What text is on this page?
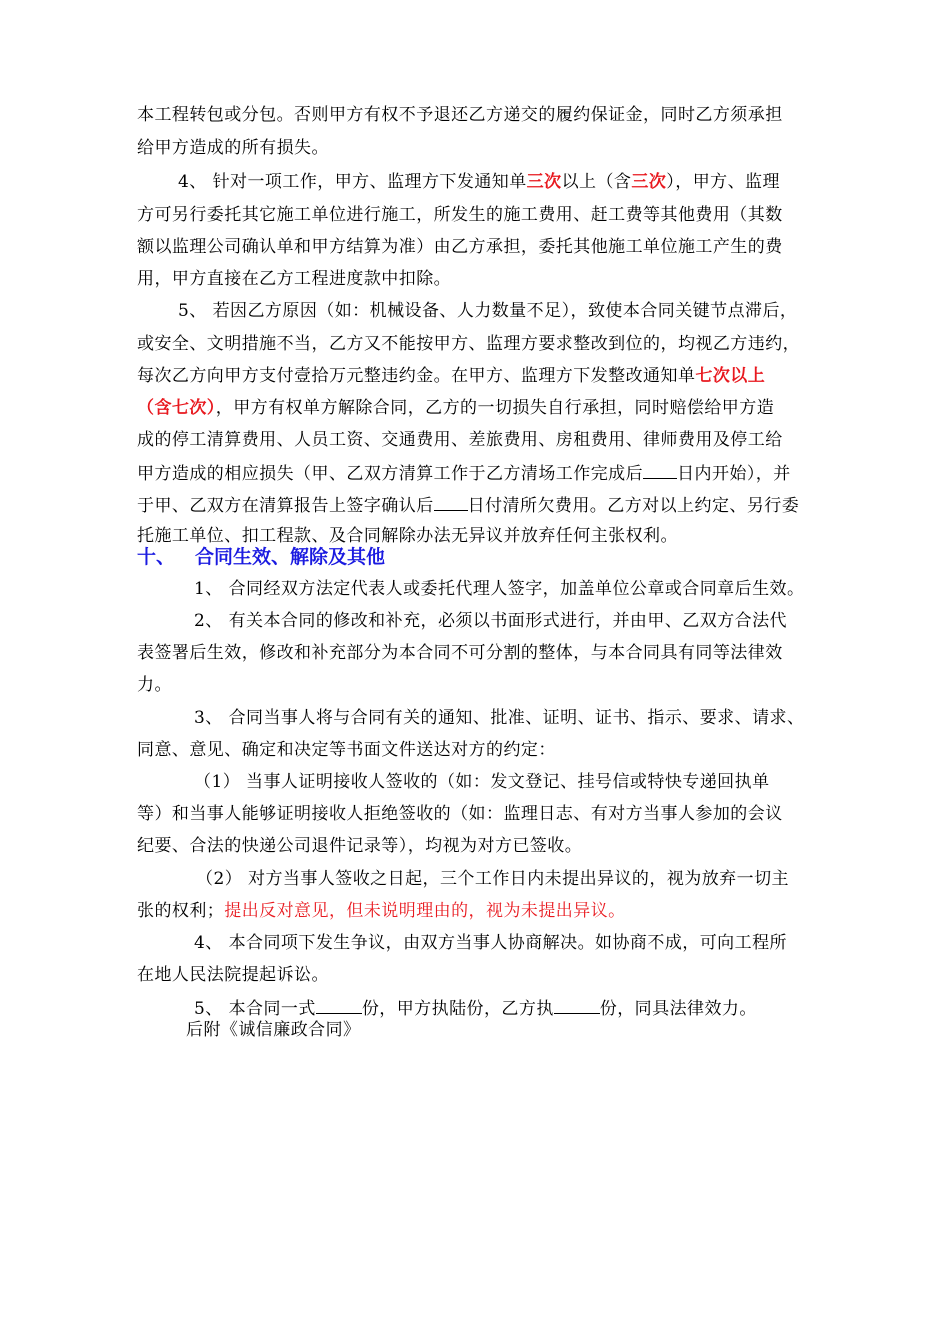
本工程转包或分包。否则甲方有权不予退还乙方递交的履约保证金，同时乙方须承担
给甲方造成的所有损失。
4、 针对一项工作，甲方、监理方下发通知单三次以上（含三次），甲方、监理
方可另行委托其它施工单位进行施工，所发生的施工费用、赶工费等其他费用（其数
额以监理公司确认单和甲方结算为准）由乙方承担，委托其他施工单位施工产生的费
用，甲方直接在乙方工程进度款中扣除。
5、 若因乙方原因（如：机械设备、人力数量不足），致使本合同关键节点滞后，
或安全、文明措施不当，乙方又不能按甲方、监理方要求整改到位的，均视乙方违约，
每次乙方向甲方支付壹拾万元整违约金。在甲方、监理方下发整改通知单七次以上
（含七次），甲方有权单方解除合同，乙方的一切损失自行承担，同时赔偿给甲方造
成的停工清算费用、人员工资、交通费用、差旅费用、房租费用、律师费用及停工给
甲方造成的相应损失（甲、乙双方清算工作于乙方清场工作完成后 日内开始），并
于甲、乙双方在清算报告上签字确认后 日付清所欠费用。乙方对以上约定、另行委
托施工单位、扣工程款、及合同解除办法无异议并放弃任何主张权利。
十、 合同生效、解除及其他
1、 合同经双方法定代表人或委托代理人签字，加盖单位公章或合同章后生效。
2、 有关本合同的修改和补充，必须以书面形式进行，并由甲、乙双方合法代
表签署后生效，修改和补充部分为本合同不可分割的整体，与本合同具有同等法律效
力。
3、 合同当事人将与合同有关的通知、批准、证明、证书、指示、要求、请求、
同意、意见、确定和决定等书面文件送达对方的约定：
（1） 当事人证明接收人签收的（如：发文登记、挂号信或特快专递回执单
等）和当事人能够证明接收人拒绝签收的（如：监理日志、有对方当事人参加的会议
纪要、合法的快递公司退件记录等），均视为对方已签收。
（2） 对方当事人签收之日起，三个工作日内未提出异议的，视为放弃一切主
张的权利；提出反对意见，但未说明理由的，视为未提出异议。
4、 本合同项下发生争议，由双方当事人协商解决。如协商不成，可向工程所
在地人民法院提起诉讼。
5、 本合同一式	份，甲方执陆份，乙方执	份，同具法律效力。
后附《诚信廉政合同》
